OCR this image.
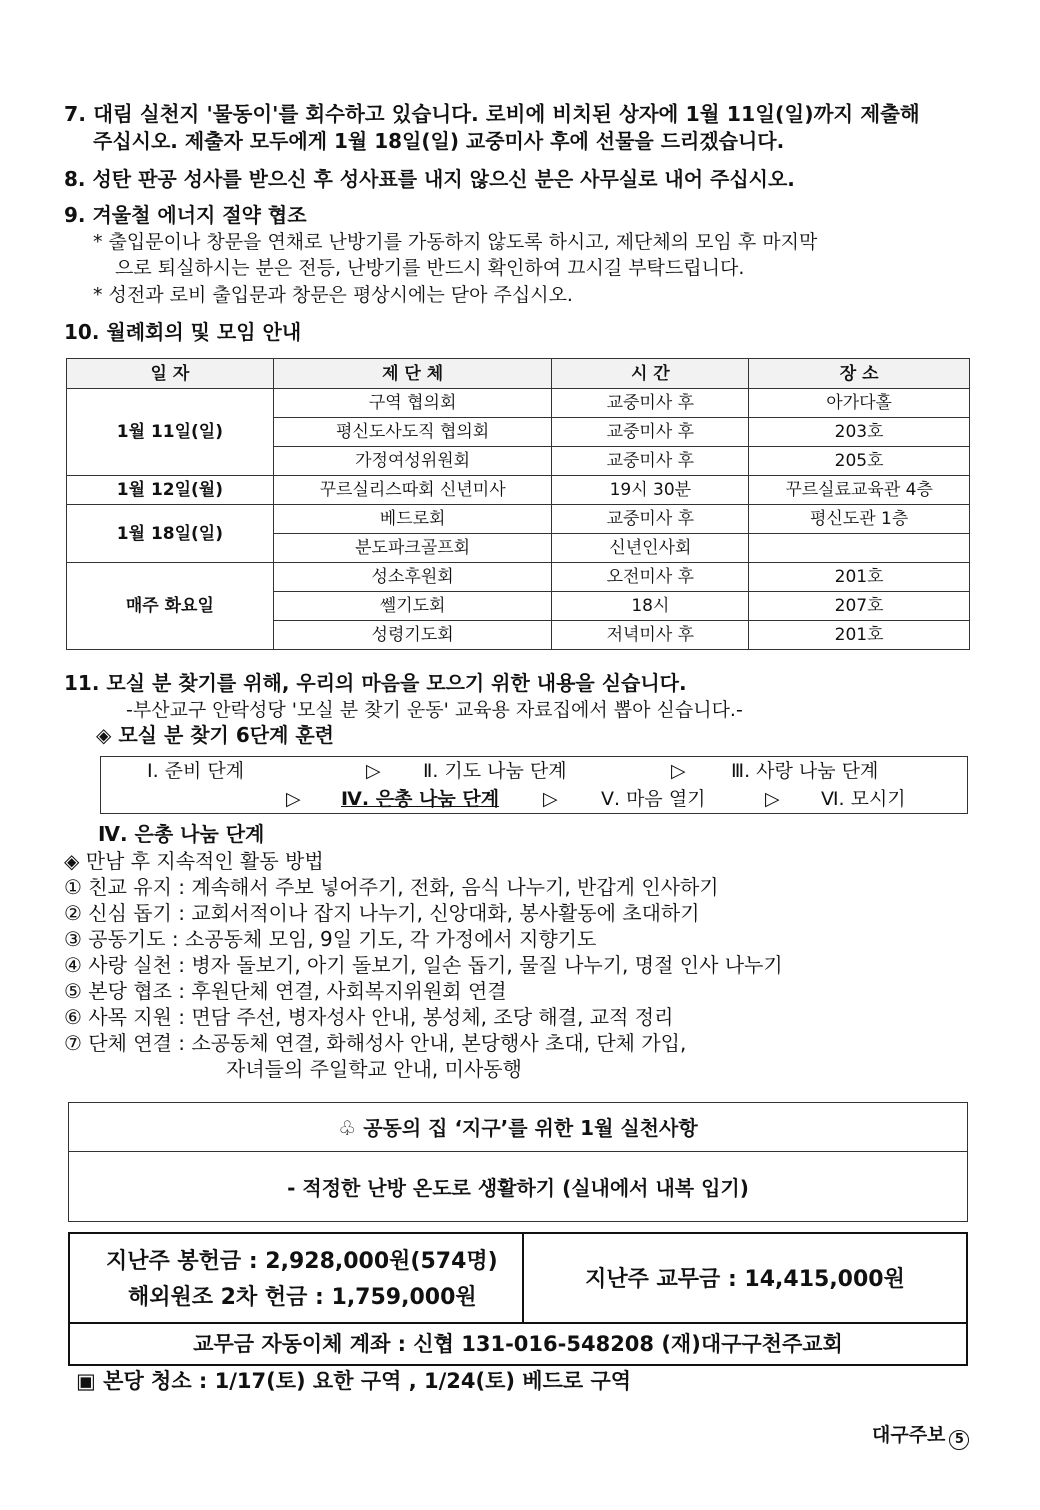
7. 대림 실천지 '물동이'를 회수하고 있습니다. 로비에 비치된 상자에 1월 11일(일)까지 제출해
주십시오. 제출자 모두에게 1월 18일(일) 교중미사 후에 선물을 드리겠습니다.
8. 성탄 판공 성사를 받으신 후 성사표를 내지 않으신 분은 사무실로 내어 주십시오.
9. 겨울철 에너지 절약 협조
* 출입문이나 창문을 연채로 난방기를 가동하지 않도록 하시고, 제단체의 모임 후 마지막
으로 퇴실하시는 분은 전등, 난방기를 반드시 확인하여 끄시길 부탁드립니다.
* 성전과 로비 출입문과 창문은 평상시에는 닫아 주십시오.
10. 월례회의 및 모임 안내
일 자	제 단 체	시 간	장 소
1월 11일(일)	구역 협의회	교중미사 후	아가다홀
	평신도사도직 협의회	교중미사 후	203호
	가정여성위원회	교중미사 후	205호
1월 12일(월)	꾸르실리스따회 신년미사	19시 30분	꾸르실료교육관 4층
1월 18일(일)	베드로회	교중미사 후	평신도관 1층
	분도파크골프회	신년인사회	
매주 화요일	성소후원회	오전미사 후	201호
	쎌기도회	18시	207호
	성령기도회	저녁미사 후	201호
11. 모실 분 찾기를 위해, 우리의 마음을 모으기 위한 내용을 싣습니다.
-부산교구 안락성당 '모실 분 찾기 운동' 교육용 자료집에서 뽑아 싣습니다.-
◈ 모실 분 찾기 6단계 훈련
Ⅰ. 준비 단계	▷ Ⅱ. 기도 나눔 단계	▷ Ⅲ. 사랑 나눔 단계
▷ Ⅳ. 은총 나눔 단계 ▷ Ⅴ. 마음 열기	▷ Ⅵ. 모시기
Ⅳ. 은총 나눔 단계
◈ 만남 후 지속적인 활동 방법
① 친교 유지 : 계속해서 주보 넣어주기, 전화, 음식 나누기, 반갑게 인사하기
② 신심 돕기 : 교회서적이나 잡지 나누기, 신앙대화, 봉사활동에 초대하기
③ 공동기도 : 소공동체 모임, 9일 기도, 각 가정에서 지향기도
④ 사랑 실천 : 병자 돌보기, 아기 돌보기, 일손 돕기, 물질 나누기, 명절 인사 나누기
⑤ 본당 협조 : 후원단체 연결, 사회복지위원회 연결
⑥ 사목 지원 : 면담 주선, 병자성사 안내, 봉성체, 조당 해결, 교적 정리
⑦ 단체 연결 : 소공동체 연결, 화해성사 안내, 본당행사 초대, 단체 가입,
자녀들의 주일학교 안내, 미사동행
♧ 공동의 집 ‘지구’를 위한 1월 실천사항
- 적정한 난방 온도로 생활하기 (실내에서 내복 입기)
지난주 봉헌금 : 2,928,000원(574명)
해외원조 2차 헌금 : 1,759,000원
지난주 교무금 : 14,415,000원
교무금 자동이체 계좌 : 신협 131-016-548208 (재)대구구천주교회
▣ 본당 청소 : 1/17(토) 요한 구역 , 1/24(토) 베드로 구역
대구주보 5
